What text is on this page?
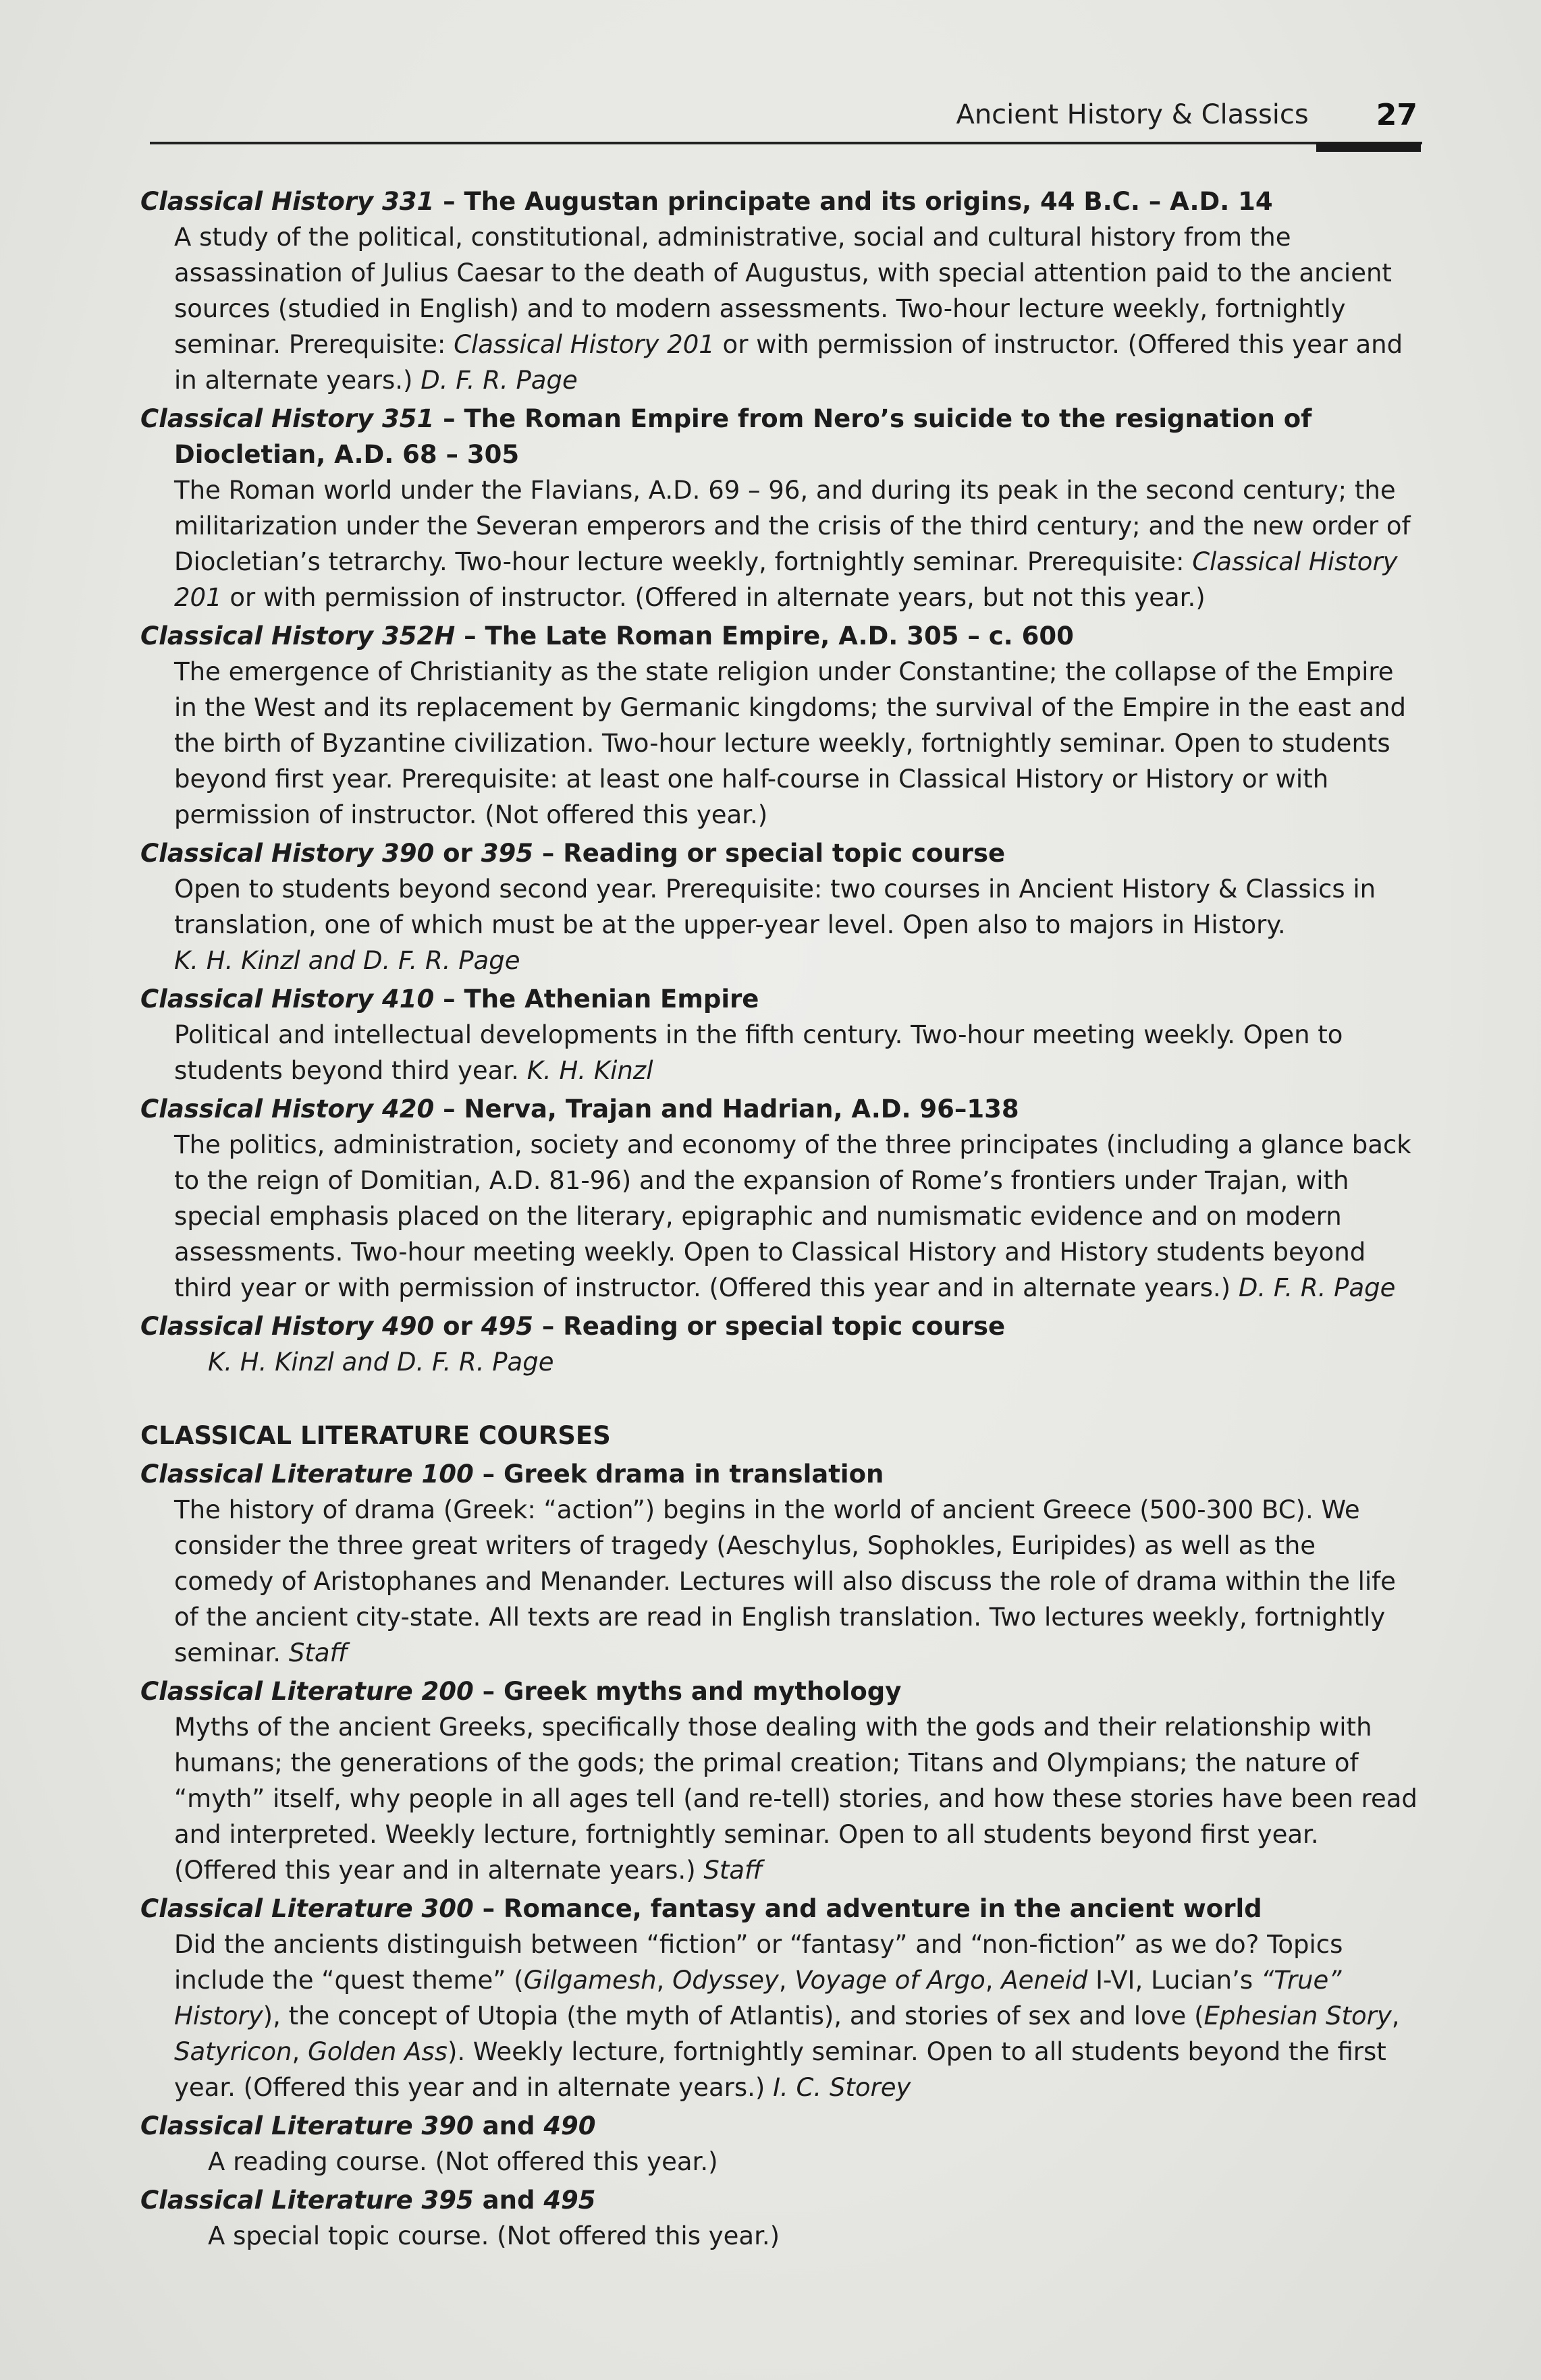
Ancient History & Classics 27
Classical History 331 – The Augustan principate and its origins, 44 B.C. – A.D. 14
A study of the political, constitutional, administrative, social and cultural history from the assassination of Julius Caesar to the death of Augustus, with special attention paid to the ancient sources (studied in English) and to modern assessments. Two-hour lecture weekly, fortnightly seminar. Prerequisite: Classical History 201 or with permission of instructor. (Offered this year and in alternate years.) D. F. R. Page
Classical History 351 – The Roman Empire from Nero’s suicide to the resignation of
Diocletian, A.D. 68 – 305
The Roman world under the Flavians, A.D. 69 – 96, and during its peak in the second century; the militarization under the Severan emperors and the crisis of the third century; and the new order of Diocletian’s tetrarchy. Two-hour lecture weekly, fortnightly seminar. Prerequisite: Classical History 201 or with permission of instructor. (Offered in alternate years, but not this year.)
Classical History 352H – The Late Roman Empire, A.D. 305 – c. 600
The emergence of Christianity as the state religion under Constantine; the collapse of the Empire in the West and its replacement by Germanic kingdoms; the survival of the Empire in the east and the birth of Byzantine civilization. Two-hour lecture weekly, fortnightly seminar. Open to students beyond first year. Prerequisite: at least one half-course in Classical History or History or with permission of instructor. (Not offered this year.)
Classical History 390 or 395 – Reading or special topic course
Open to students beyond second year. Prerequisite: two courses in Ancient History & Classics in translation, one of which must be at the upper-year level. Open also to majors in History.
K. H. Kinzl and D. F. R. Page
Classical History 410 – The Athenian Empire
Political and intellectual developments in the fifth century. Two-hour meeting weekly. Open to students beyond third year. K. H. Kinzl
Classical History 420 – Nerva, Trajan and Hadrian, A.D. 96–138
The politics, administration, society and economy of the three principates (including a glance back to the reign of Domitian, A.D. 81-96) and the expansion of Rome’s frontiers under Trajan, with special emphasis placed on the literary, epigraphic and numismatic evidence and on modern assessments. Two-hour meeting weekly. Open to Classical History and History students beyond third year or with permission of instructor. (Offered this year and in alternate years.) D. F. R. Page
Classical History 490 or 495 – Reading or special topic course
K. H. Kinzl and D. F. R. Page
CLASSICAL LITERATURE COURSES
Classical Literature 100 – Greek drama in translation
The history of drama (Greek: “action”) begins in the world of ancient Greece (500-300 BC). We consider the three great writers of tragedy (Aeschylus, Sophokles, Euripides) as well as the comedy of Aristophanes and Menander. Lectures will also discuss the role of drama within the life of the ancient city-state. All texts are read in English translation. Two lectures weekly, fortnightly seminar. Staff
Classical Literature 200 – Greek myths and mythology
Myths of the ancient Greeks, specifically those dealing with the gods and their relationship with humans; the generations of the gods; the primal creation; Titans and Olympians; the nature of “myth” itself, why people in all ages tell (and re-tell) stories, and how these stories have been read and interpreted. Weekly lecture, fortnightly seminar. Open to all students beyond first year. (Offered this year and in alternate years.) Staff
Classical Literature 300 – Romance, fantasy and adventure in the ancient world
Did the ancients distinguish between “fiction” or “fantasy” and “non-fiction” as we do? Topics include the “quest theme” (Gilgamesh, Odyssey, Voyage of Argo, Aeneid I-VI, Lucian’s “True” History), the concept of Utopia (the myth of Atlantis), and stories of sex and love (Ephesian Story, Satyricon, Golden Ass). Weekly lecture, fortnightly seminar. Open to all students beyond the first year. (Offered this year and in alternate years.) I. C. Storey
Classical Literature 390 and 490
A reading course. (Not offered this year.)
Classical Literature 395 and 495
A special topic course. (Not offered this year.)
